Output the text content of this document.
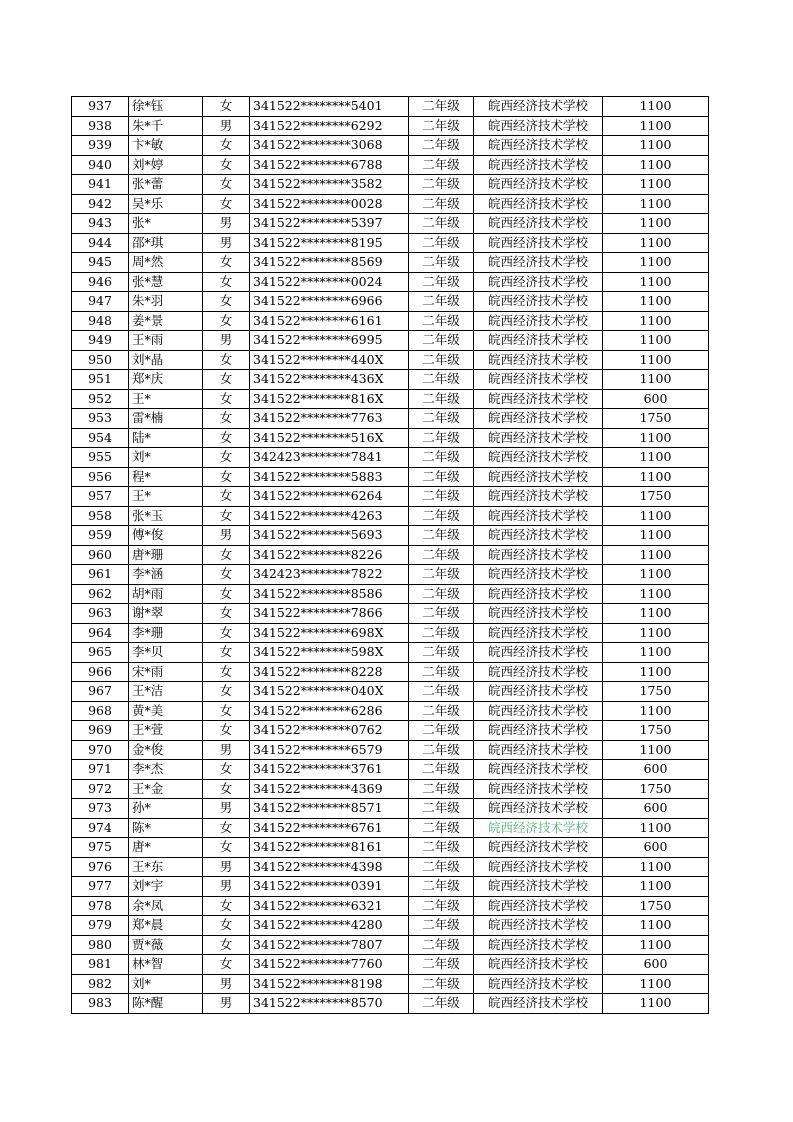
937	徐*钰	女	341522********5401	二年级	皖西经济技术学校	1100
938	朱*千	男	341522********6292	二年级	皖西经济技术学校	1100
939	卞*敏	女	341522********3068	二年级	皖西经济技术学校	1100
940	刘*婷	女	341522********6788	二年级	皖西经济技术学校	1100
941	张*蕾	女	341522********3582	二年级	皖西经济技术学校	1100
942	吴*乐	女	341522********0028	二年级	皖西经济技术学校	1100
943	张*	男	341522********5397	二年级	皖西经济技术学校	1100
944	邵*琪	男	341522********8195	二年级	皖西经济技术学校	1100
945	周*然	女	341522********8569	二年级	皖西经济技术学校	1100
946	张*慧	女	341522********0024	二年级	皖西经济技术学校	1100
947	朱*羽	女	341522********6966	二年级	皖西经济技术学校	1100
948	姜*景	女	341522********6161	二年级	皖西经济技术学校	1100
949	王*雨	男	341522********6995	二年级	皖西经济技术学校	1100
950	刘*晶	女	341522********440X	二年级	皖西经济技术学校	1100
951	郑*庆	女	341522********436X	二年级	皖西经济技术学校	1100
952	王*	女	341522********816X	二年级	皖西经济技术学校	600
953	雷*楠	女	341522********7763	二年级	皖西经济技术学校	1750
954	陆*	女	341522********516X	二年级	皖西经济技术学校	1100
955	刘*	女	342423********7841	二年级	皖西经济技术学校	1100
956	程*	女	341522********5883	二年级	皖西经济技术学校	1100
957	王*	女	341522********6264	二年级	皖西经济技术学校	1750
958	张*玉	女	341522********4263	二年级	皖西经济技术学校	1100
959	傅*俊	男	341522********5693	二年级	皖西经济技术学校	1100
960	唐*珊	女	341522********8226	二年级	皖西经济技术学校	1100
961	李*涵	女	342423********7822	二年级	皖西经济技术学校	1100
962	胡*雨	女	341522********8586	二年级	皖西经济技术学校	1100
963	谢*翠	女	341522********7866	二年级	皖西经济技术学校	1100
964	李*珊	女	341522********698X	二年级	皖西经济技术学校	1100
965	李*贝	女	341522********598X	二年级	皖西经济技术学校	1100
966	宋*雨	女	341522********8228	二年级	皖西经济技术学校	1100
967	王*洁	女	341522********040X	二年级	皖西经济技术学校	1750
968	黄*美	女	341522********6286	二年级	皖西经济技术学校	1100
969	王*萱	女	341522********0762	二年级	皖西经济技术学校	1750
970	金*俊	男	341522********6579	二年级	皖西经济技术学校	1100
971	李*杰	女	341522********3761	二年级	皖西经济技术学校	600
972	王*金	女	341522********4369	二年级	皖西经济技术学校	1750
973	孙*	男	341522********8571	二年级	皖西经济技术学校	600
974	陈*	女	341522********6761	二年级	皖西经济技术学校	1100
975	唐*	女	341522********8161	二年级	皖西经济技术学校	600
976	王*东	男	341522********4398	二年级	皖西经济技术学校	1100
977	刘*宇	男	341522********0391	二年级	皖西经济技术学校	1100
978	余*凤	女	341522********6321	二年级	皖西经济技术学校	1750
979	郑*晨	女	341522********4280	二年级	皖西经济技术学校	1100
980	贾*薇	女	341522********7807	二年级	皖西经济技术学校	1100
981	林*智	女	341522********7760	二年级	皖西经济技术学校	600
982	刘*	男	341522********8198	二年级	皖西经济技术学校	1100
983	陈*醒	男	341522********8570	二年级	皖西经济技术学校	1100
